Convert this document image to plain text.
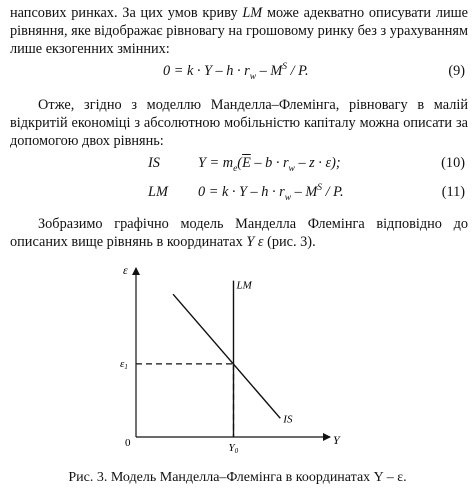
напсових ринках. За цих умов криву LM може адекватно описувати лише рівняння, яке відображає рівновагу на грошовому ринку без з урахуванням лише екзогенних змінних:

$0 = k \cdot Y - h \cdot r_w - M^S / P$.	(9)

Отже, згідно з моделлю Манделла–Флемінга, рівновагу в малій відкритій економіці з абсолютною мобільністю капіталу можна описати за допомогою двох рівнянь:

IS	$Y = m_e(\overline{E} - b \cdot r_w - z \cdot \varepsilon)$;	(10)
LM $0 = k \cdot Y - h \cdot r_w - M^S / P$.	(11)

Зобразимо графічно модель Манделла Флемінга відповідно до описаних вище рівнянь в координатах Y ε (рис. 3).

ε
Y
0
LM
IS
ε1
Y0
Рис. 3. Модель Манделла–Флемінга в координатах Y – ε.
